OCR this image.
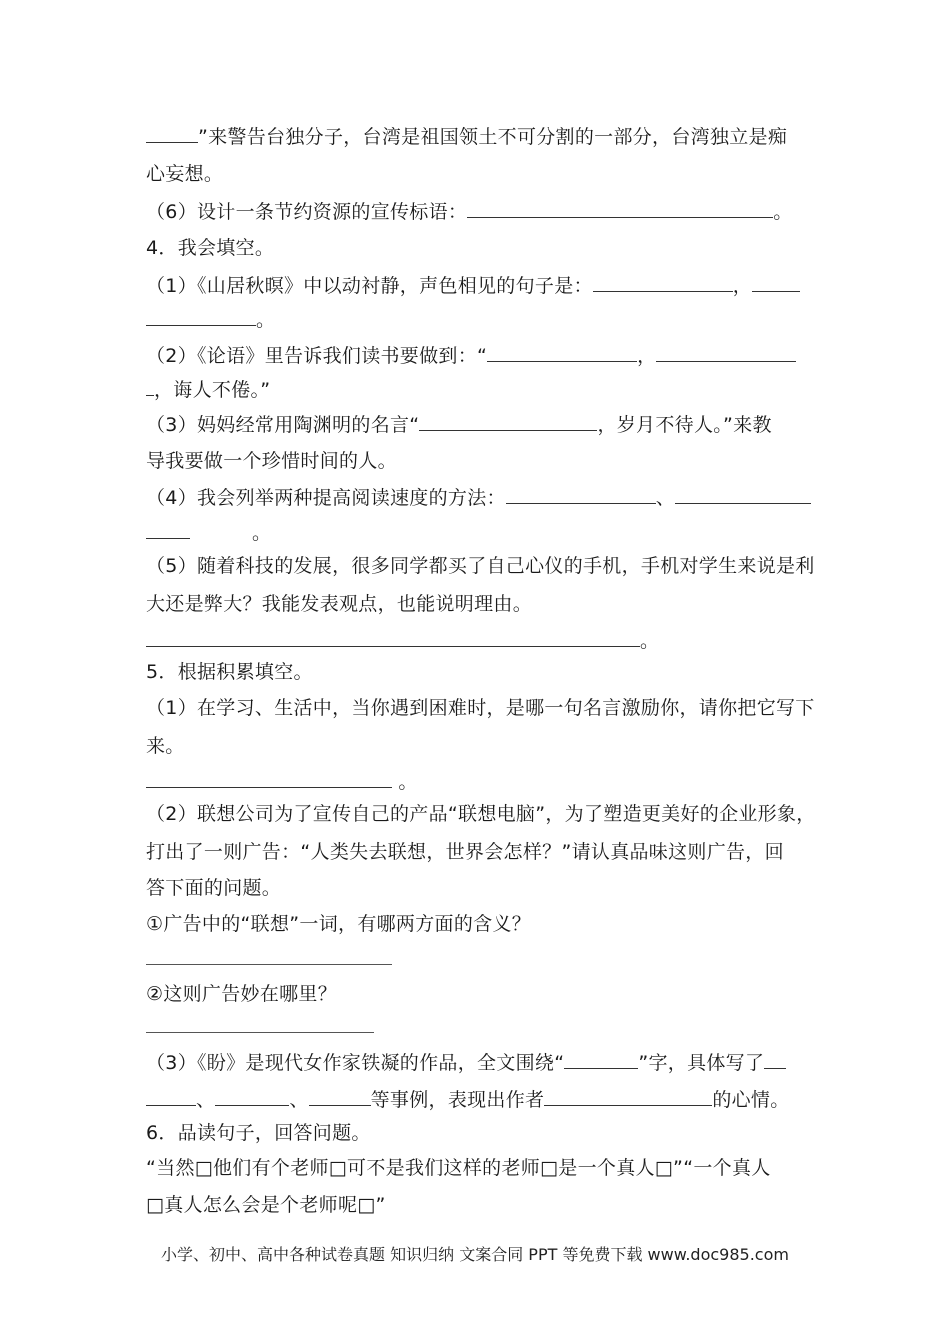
”来警告台独分子，台湾是祖国领土不可分割的一部分，台湾独立是痴
心妄想。
（6）设计一条节约资源的宣传标语：	。
4．我会填空。
（1）《山居秋暝》中以动衬静，声色相见的句子是：	，
。
（2）《论语》里告诉我们读书要做到：“	，
，诲人不倦。”
（3）妈妈经常用陶渊明的名言“	，岁月不待人。”来教
导我要做一个珍惜时间的人。
（4）我会列举两种提高阅读速度的方法：	、
。
（5）随着科技的发展，很多同学都买了自己心仪的手机，手机对学生来说是利
大还是弊大？我能发表观点，也能说明理由。
。
5．根据积累填空。
（1）在学习、生活中，当你遇到困难时，是哪一句名言激励你，请你把它写下
来。
。
（2）联想公司为了宣传自己的产品“联想电脑”，为了塑造更美好的企业形象，
打出了一则广告：“人类失去联想，世界会怎样？”请认真品味这则广告，回
答下面的问题。
①广告中的“联想”一词，有哪两方面的含义？
②这则广告妙在哪里？
（3）《盼》是现代女作家铁凝的作品，全文围绕“	”字，具体写了
、	、	等事例，表现出作者	的心情。
6．品读句子，回答问题。
“当然□他们有个老师□可不是我们这样的老师□是一个真人□”“一个真人
□真人怎么会是个老师呢□”
小学、初中、高中各种试卷真题 知识归纳 文案合同 PPT 等免费下载 www.doc985.com
